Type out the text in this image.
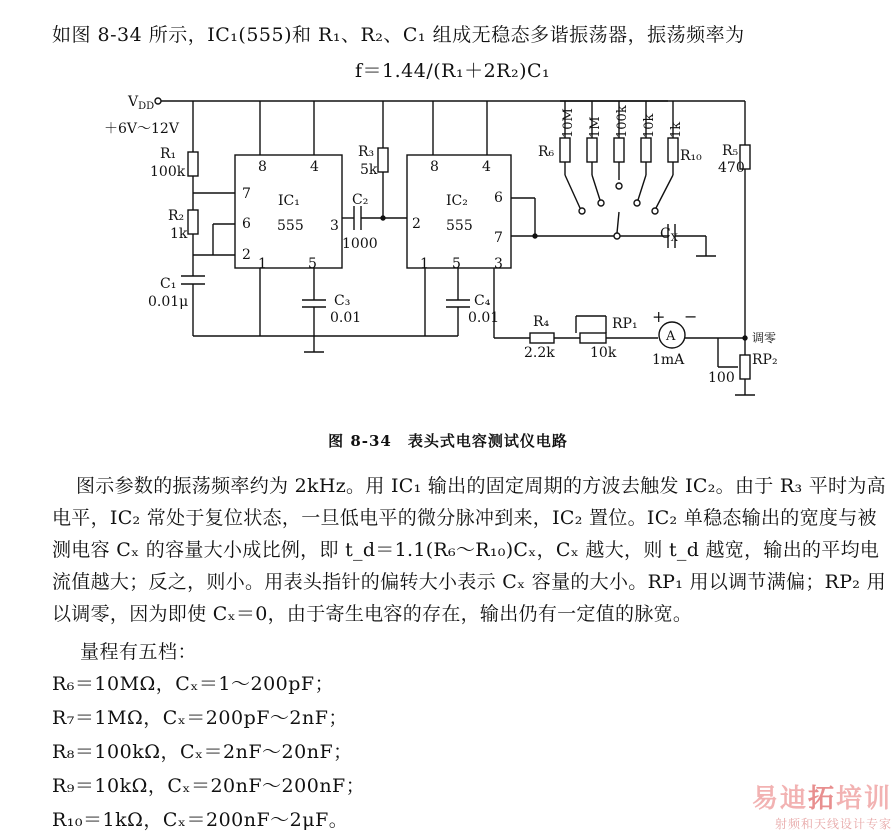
如图 8-34 所示，IC₁(555)和 R₁、R₂、C₁ 组成无稳态多谐振荡器，振荡频率为
f＝1.44/(R₁＋2R₂)C₁
$V_{DD}$
＋6V～12V
R₁
100k
R₂
1k
C₁
0.01μ
8	4
7
6
2
1	5
3
IC₁
555
C₂
1000
R₃
5k
C₃
0.01
8	4
2
6
7
1 5 3
IC₂
555
C₄
0.01
R₆	R₁₀
$C_X$
R₅
470
R₄
2.2k
RP₁
10k
A
1mA
+ −
调零
RP₂
100
10M 1M 100k 10k 1k
图 8-34　表头式电容测试仪电路

图示参数的振荡频率约为 2kHz。用 IC₁ 输出的固定周期的方波去触发 IC₂。由于 R₃ 平时为高电平，IC₂ 常处于复位状态，一旦低电平的微分脉冲到来，IC₂ 置位。IC₂ 单稳态输出的宽度与被测电容 Cₓ 的容量大小成比例，即 t_d＝1.1(R₆～R₁₀)Cₓ，Cₓ 越大，则 t_d 越宽，输出的平均电流值越大；反之，则小。用表头指针的偏转大小表示 Cₓ 容量的大小。RP₁ 用以调节满偏；RP₂ 用以调零，因为即使 Cₓ＝0，由于寄生电容的存在，输出仍有一定值的脉宽。

量程有五档：
R₆＝10MΩ，Cₓ＝1～200pF；
R₇＝1MΩ，Cₓ＝200pF～2nF；
R₈＝100kΩ，Cₓ＝2nF～20nF；
R₉＝10kΩ，Cₓ＝20nF～200nF；
R₁₀＝1kΩ，Cₓ＝200nF～2μF。
易迪拓培训
射频和天线设计专家
